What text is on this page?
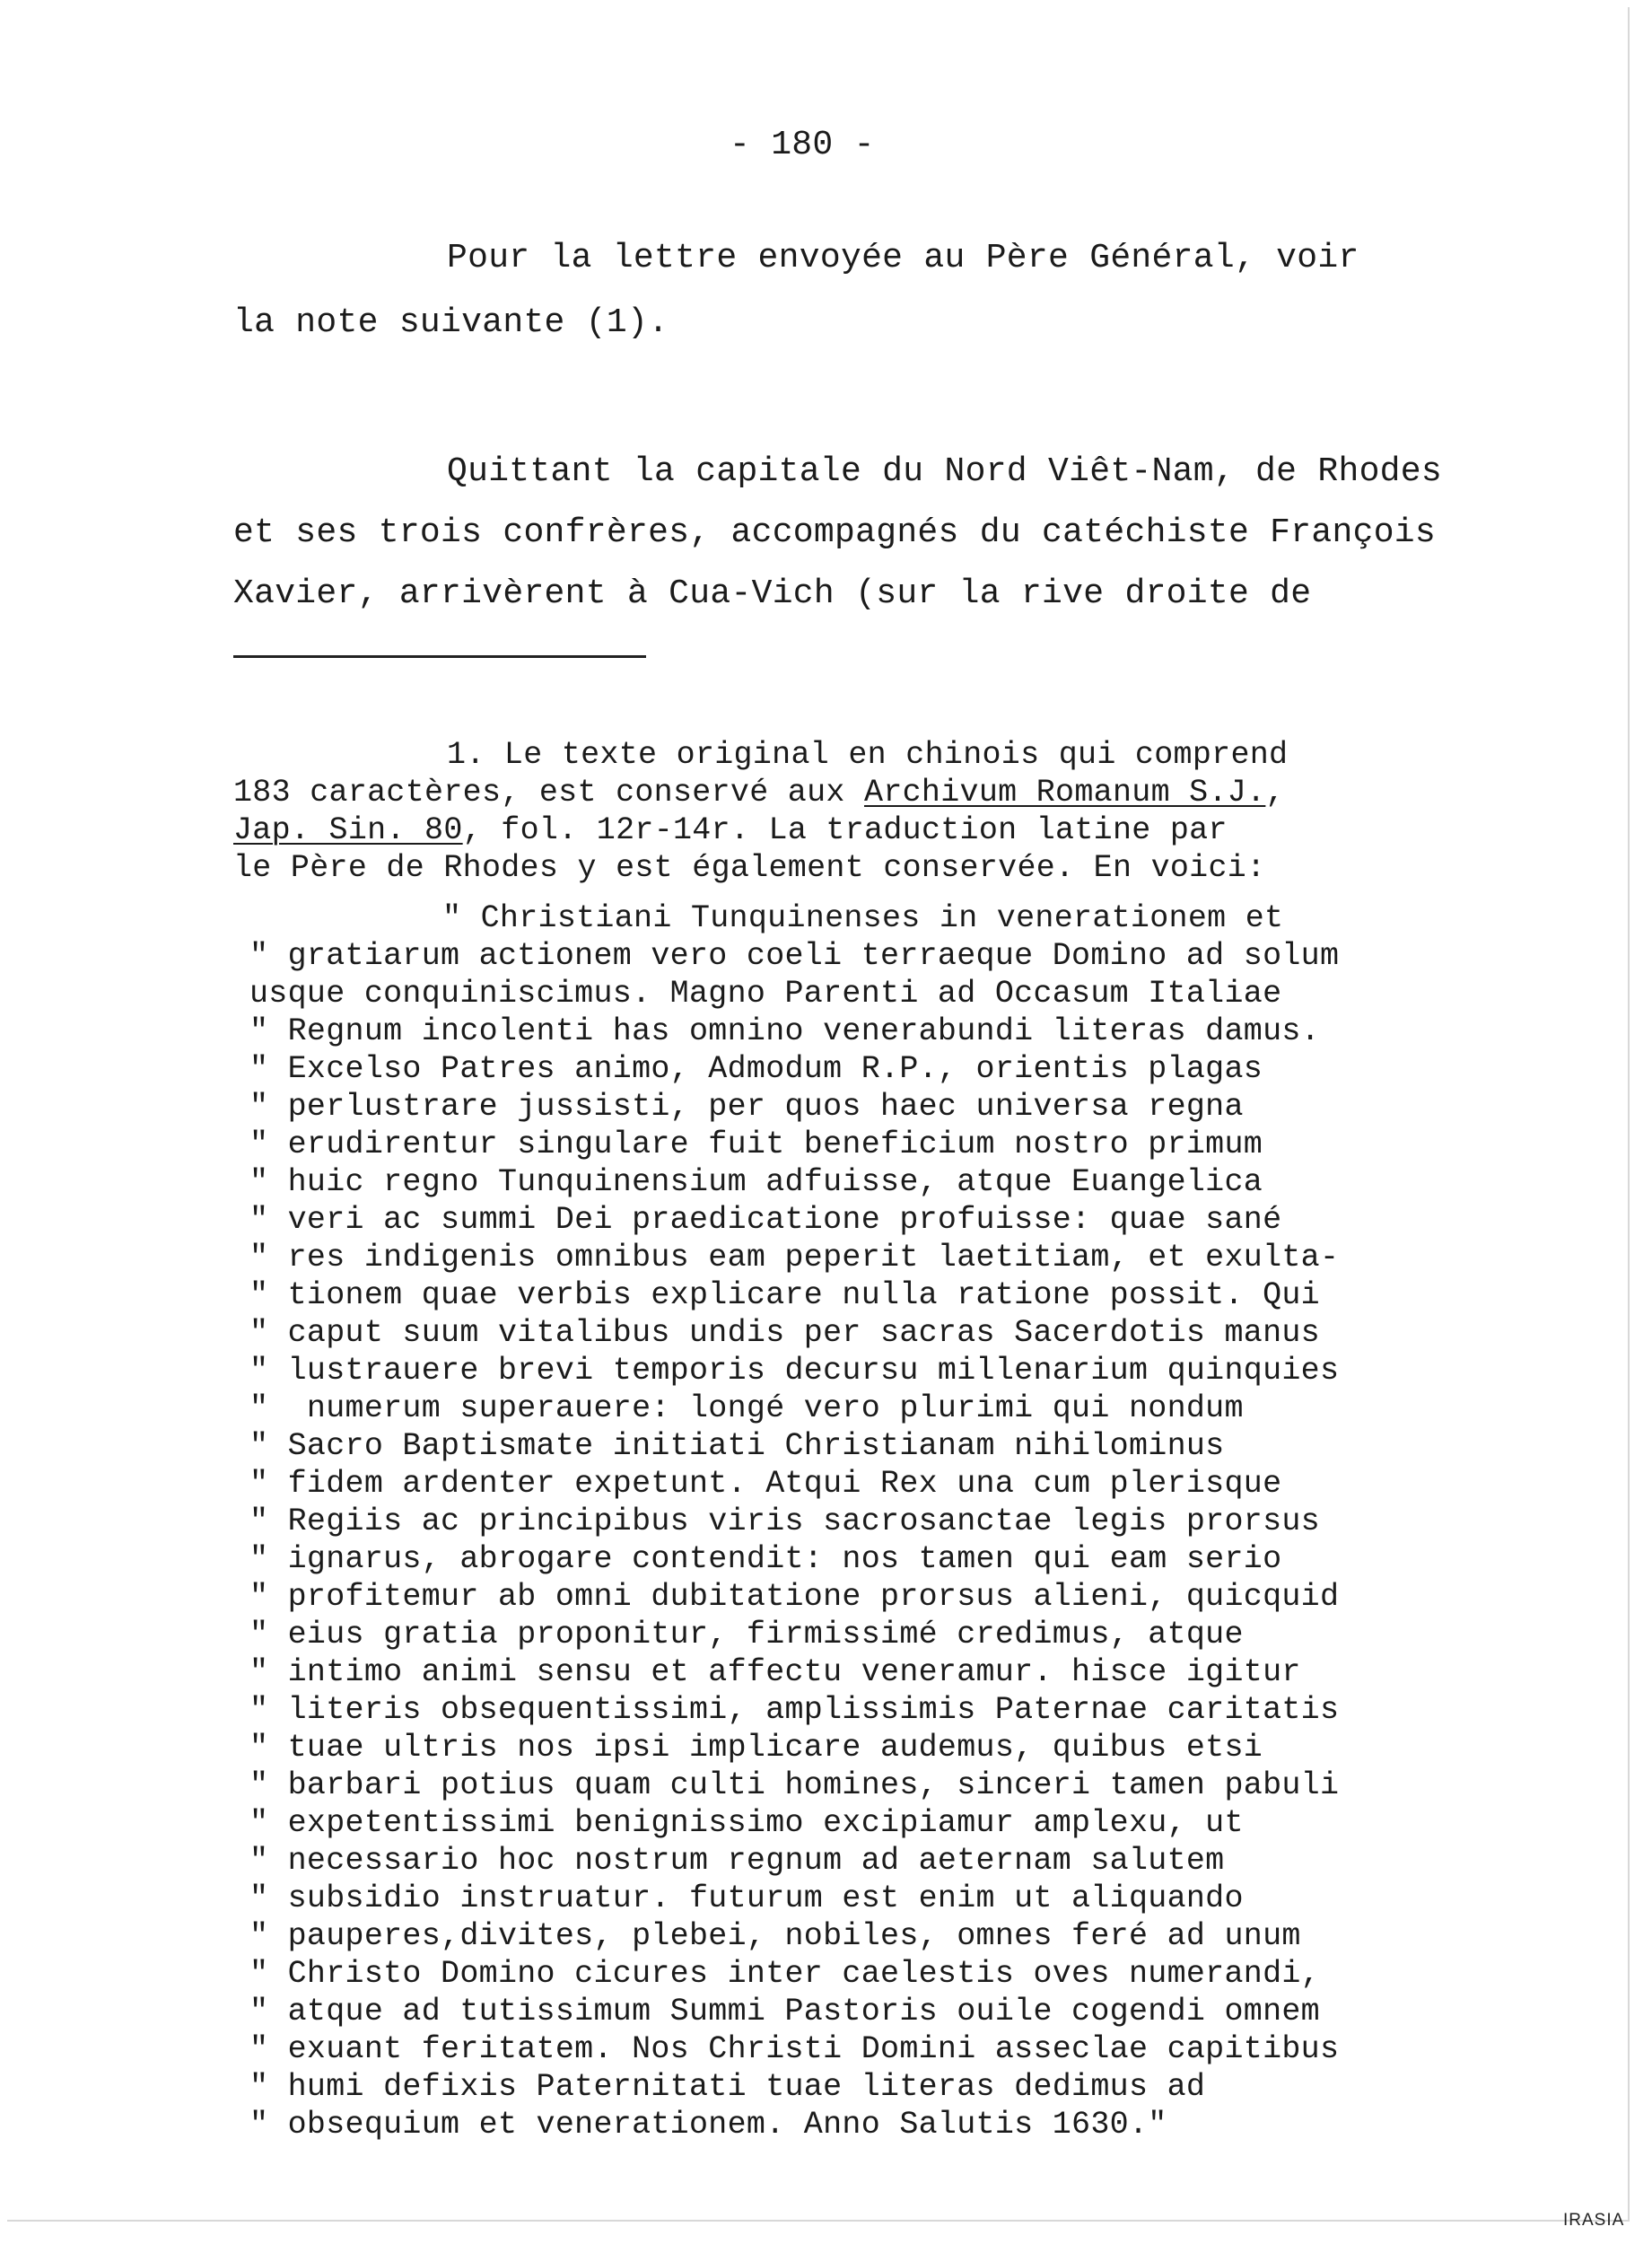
- 180 -
Pour la lettre envoyée au Père Général, voir
la note suivante (1).
Quittant la capitale du Nord Viêt-Nam, de Rhodes
et ses trois confrères, accompagnés du catéchiste François
Xavier, arrivèrent à Cua-Vich (sur la rive droite de
1. Le texte original en chinois qui comprend
183 caractères, est conservé aux Archivum Romanum S.J.,
Jap. Sin. 80, fol. 12r-14r. La traduction latine par
le Père de Rhodes y est également conservée. En voici:
" Christiani Tunquinenses in venerationem et
" gratiarum actionem vero coeli terraeque Domino ad solum
usque conquiniscimus. Magno Parenti ad Occasum Italiae
" Regnum incolenti has omnino venerabundi literas damus.
" Excelso Patres animo, Admodum R.P., orientis plagas
" perlustrare jussisti, per quos haec universa regna
" erudirentur singulare fuit beneficium nostro primum
" huic regno Tunquinensium adfuisse, atque Euangelica
" veri ac summi Dei praedicatione profuisse: quae sané
" res indigenis omnibus eam peperit laetitiam, et exulta-
" tionem quae verbis explicare nulla ratione possit. Qui
" caput suum vitalibus undis per sacras Sacerdotis manus
" lustrauere brevi temporis decursu millenarium quinquies
"  numerum superauere: longé vero plurimi qui nondum
" Sacro Baptismate initiati Christianam nihilominus
" fidem ardenter expetunt. Atqui Rex una cum plerisque
" Regiis ac principibus viris sacrosanctae legis prorsus
" ignarus, abrogare contendit: nos tamen qui eam serio
" profitemur ab omni dubitatione prorsus alieni, quicquid
" eius gratia proponitur, firmissimé credimus, atque
" intimo animi sensu et affectu veneramur. hisce igitur
" literis obsequentissimi, amplissimis Paternae caritatis
" tuae ultris nos ipsi implicare audemus, quibus etsi
" barbari potius quam culti homines, sinceri tamen pabuli
" expetentissimi benignissimo excipiamur amplexu, ut
" necessario hoc nostrum regnum ad aeternam salutem
" subsidio instruatur. futurum est enim ut aliquando
" pauperes,divites, plebei, nobiles, omnes feré ad unum
" Christo Domino cicures inter caelestis oves numerandi,
" atque ad tutissimum Summi Pastoris ouile cogendi omnem
" exuant feritatem. Nos Christi Domini asseclae capitibus
" humi defixis Paternitati tuae literas dedimus ad
" obsequium et venerationem. Anno Salutis 1630."
IRASIA
